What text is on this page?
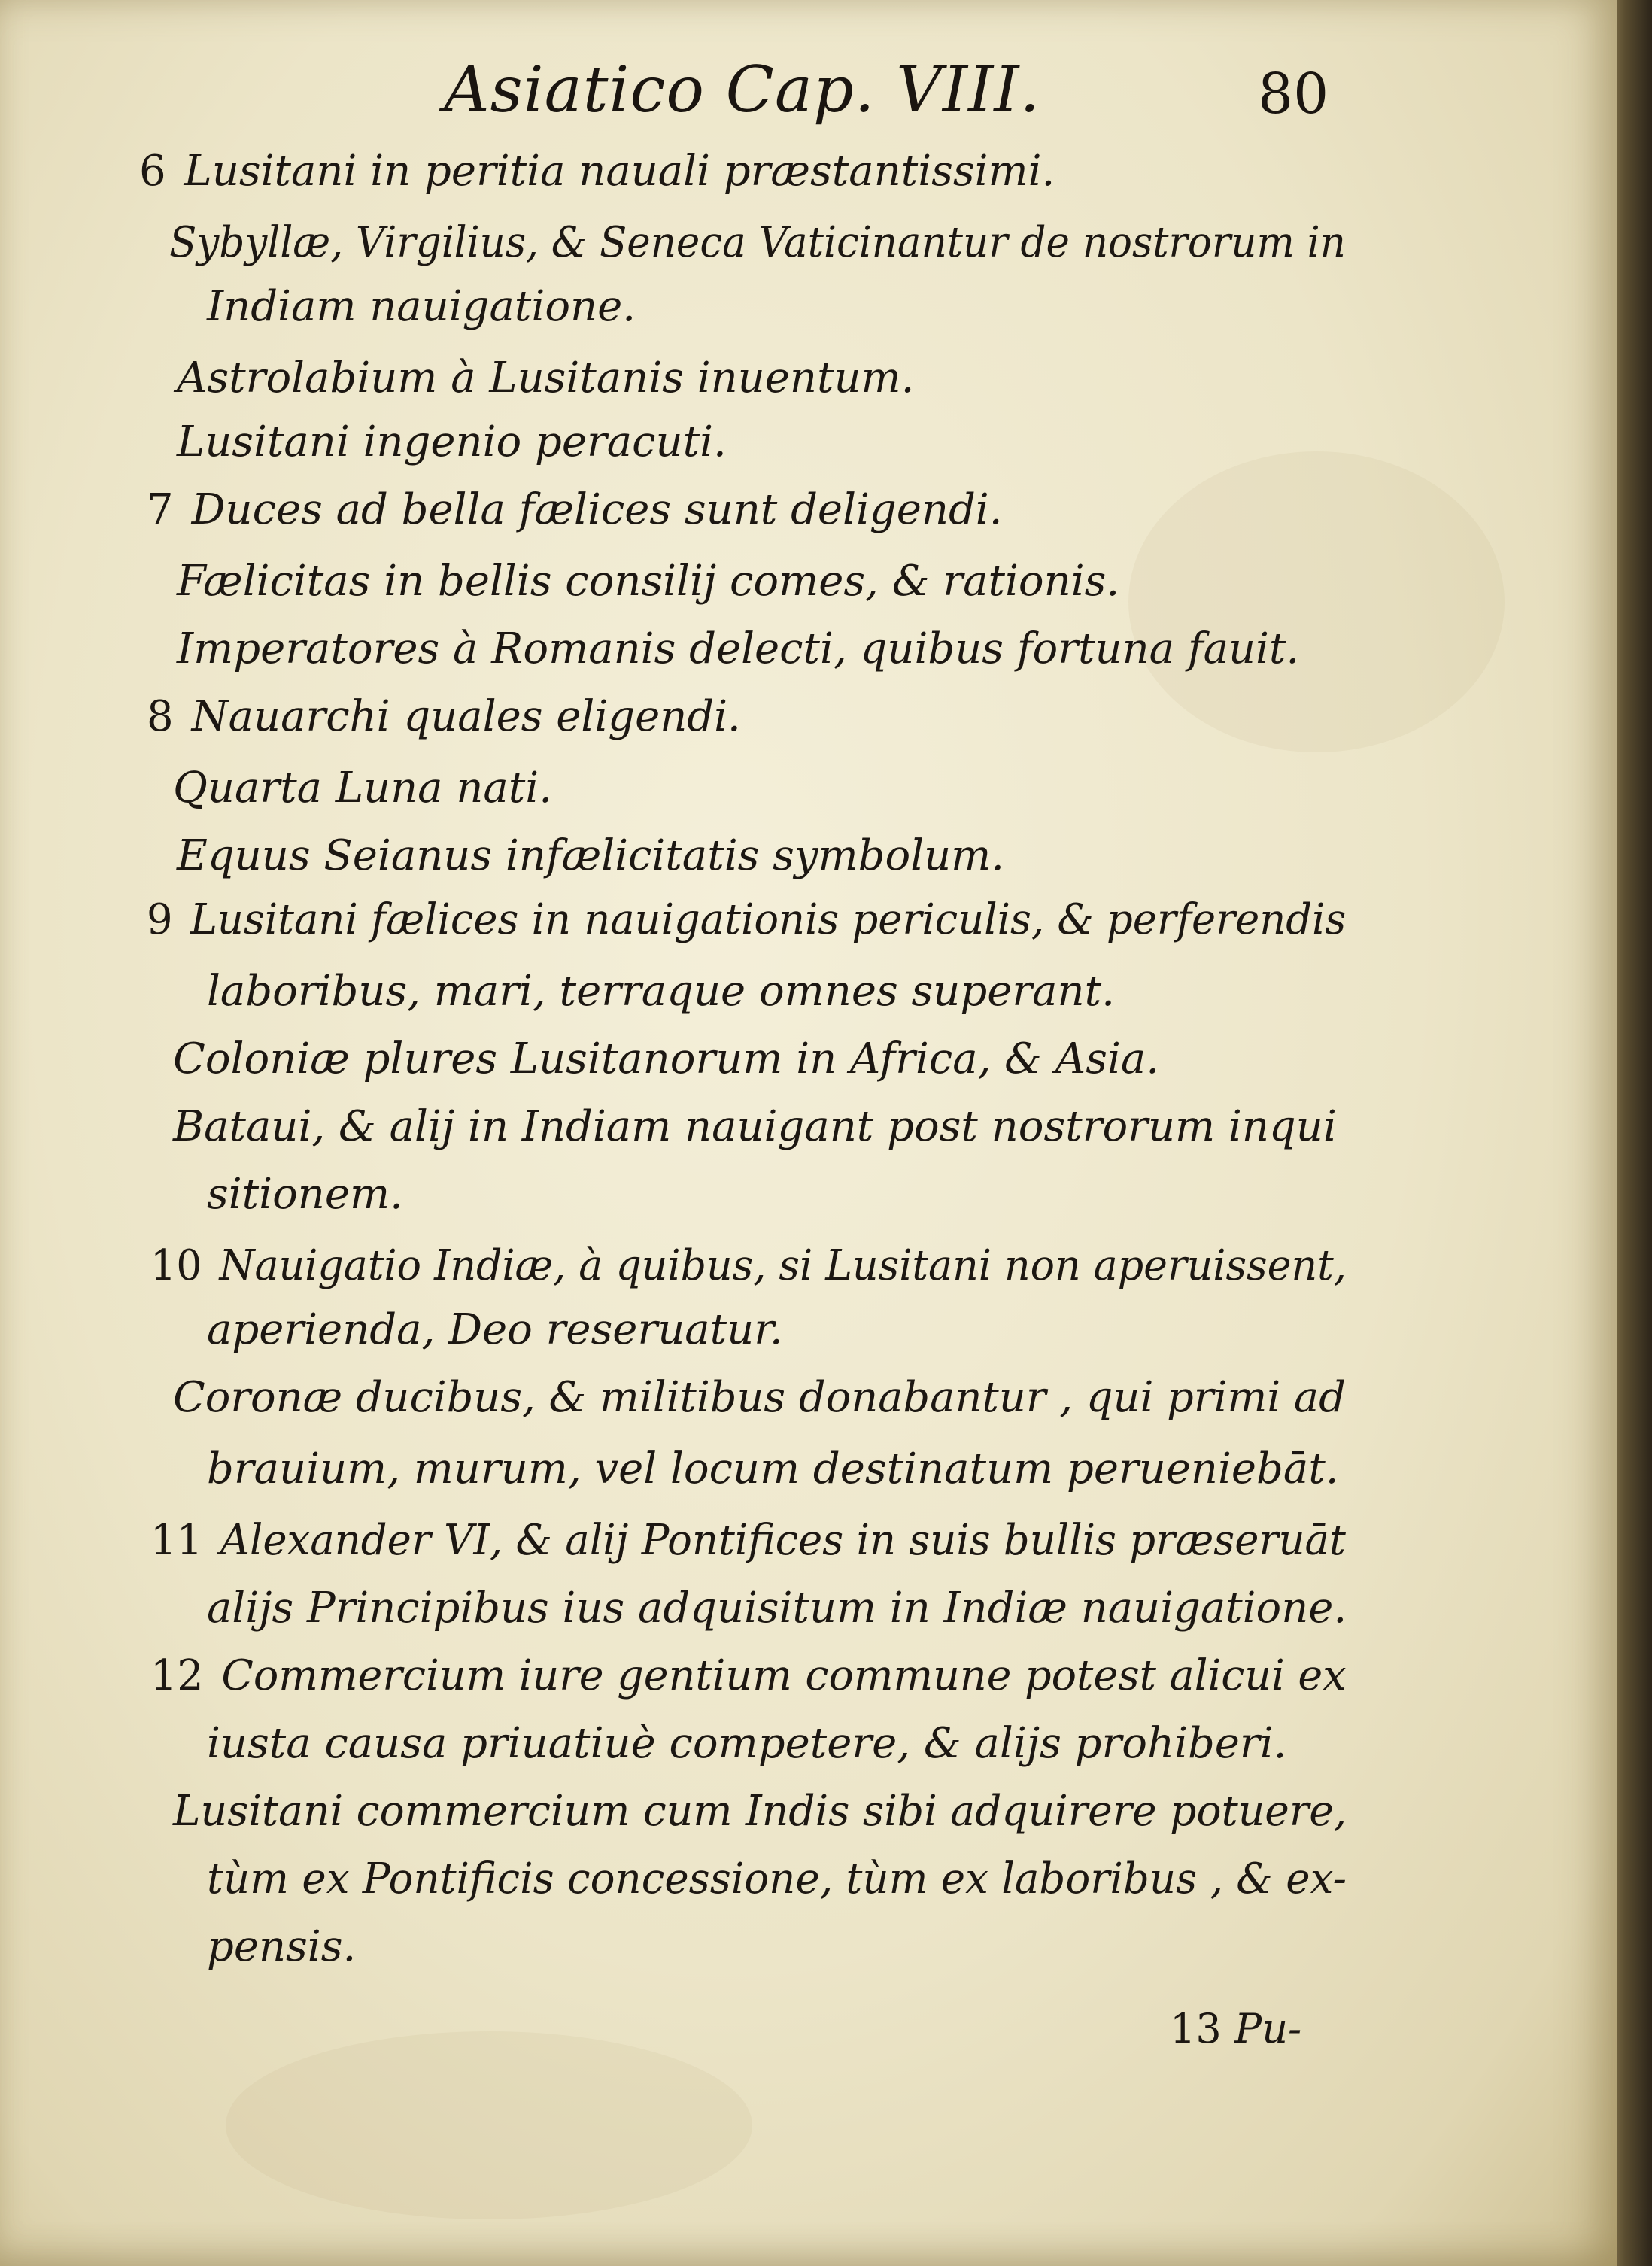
Asiatico Cap. VIII.	80
6 Lusitani in peritia nauali præstantissimi.
Sybyllæ, Virgilius, & Seneca Vaticinantur de nostrorum in
Indiam nauigatione.
Astrolabium à Lusitanis inuentum.
Lusitani ingenio peracuti.
7 Duces ad bella fælices sunt deligendi.
Fælicitas in bellis consilij comes, & rationis.
Imperatores à Romanis delecti, quibus fortuna fauit.
8 Nauarchi quales eligendi.
Quarta Luna nati.
Equus Seianus infælicitatis symbolum.
9 Lusitani fælices in nauigationis periculis, & perferendis
laboribus, mari, terraque omnes superant.
Coloniæ plures Lusitanorum in Africa, & Asia.
Bataui, & alij in Indiam nauigant post nostrorum inqui
sitionem.
10 Nauigatio Indiæ, à quibus, si Lusitani non aperuissent,
aperienda, Deo reseruatur.
Coronæ ducibus, & militibus donabantur , qui primi ad
brauium, murum, vel locum destinatum perueniebāt.
11 Alexander VI, & alij Pontifices in suis bullis præseruāt
alijs Principibus ius adquisitum in Indiæ nauigatione.
12 Commercium iure gentium commune potest alicui ex
iusta causa priuatiuè competere, & alijs prohiberi.
Lusitani commercium cum Indis sibi adquirere potuere,
tùm ex Pontificis concessione, tùm ex laboribus , & ex-
pensis.
13 Pu-
